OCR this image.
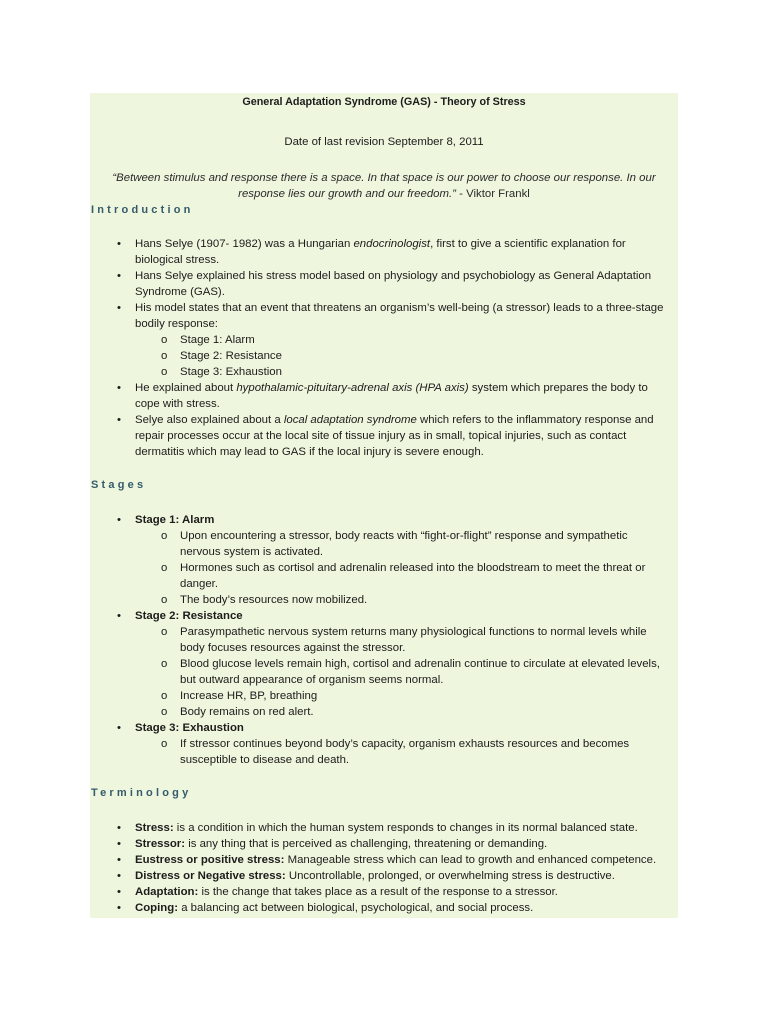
General Adaptation Syndrome (GAS) - Theory of Stress

Date of last revision September 8, 2011

“Between stimulus and response there is a space. In that space is our power to choose our response. In our response lies our growth and our freedom.” - Viktor Frankl

Introduction
• Hans Selye (1907- 1982) was a Hungarian endocrinologist, first to give a scientific explanation for biological stress.
• Hans Selye explained his stress model based on physiology and psychobiology as General Adaptation Syndrome (GAS).
• His model states that an event that threatens an organism’s well-being (a stressor) leads to a three-stage bodily response:
o Stage 1: Alarm
o Stage 2: Resistance
o Stage 3: Exhaustion
• He explained about hypothalamic-pituitary-adrenal axis (HPA axis) system which prepares the body to cope with stress.
• Selye also explained about a local adaptation syndrome which refers to the inflammatory response and repair processes occur at the local site of tissue injury as in small, topical injuries, such as contact dermatitis which may lead to GAS if the local injury is severe enough.
Stages
• Stage 1: Alarm
o Upon encountering a stressor, body reacts with “fight-or-flight” response and sympathetic nervous system is activated.
o Hormones such as cortisol and adrenalin released into the bloodstream to meet the threat or danger.
o The body’s resources now mobilized.
• Stage 2: Resistance
o Parasympathetic nervous system returns many physiological functions to normal levels while body focuses resources against the stressor.
o Blood glucose levels remain high, cortisol and adrenalin continue to circulate at elevated levels, but outward appearance of organism seems normal.
o Increase HR, BP, breathing
o Body remains on red alert.
• Stage 3: Exhaustion
o If stressor continues beyond body’s capacity, organism exhausts resources and becomes susceptible to disease and death.
Terminology
• Stress: is a condition in which the human system responds to changes in its normal balanced state.
• Stressor: is any thing that is perceived as challenging, threatening or demanding.
• Eustress or positive stress: Manageable stress which can lead to growth and enhanced competence.
• Distress or Negative stress: Uncontrollable, prolonged, or overwhelming stress is destructive.
• Adaptation: is the change that takes place as a result of the response to a stressor.
• Coping: a balancing act between biological, psychological, and social process.
